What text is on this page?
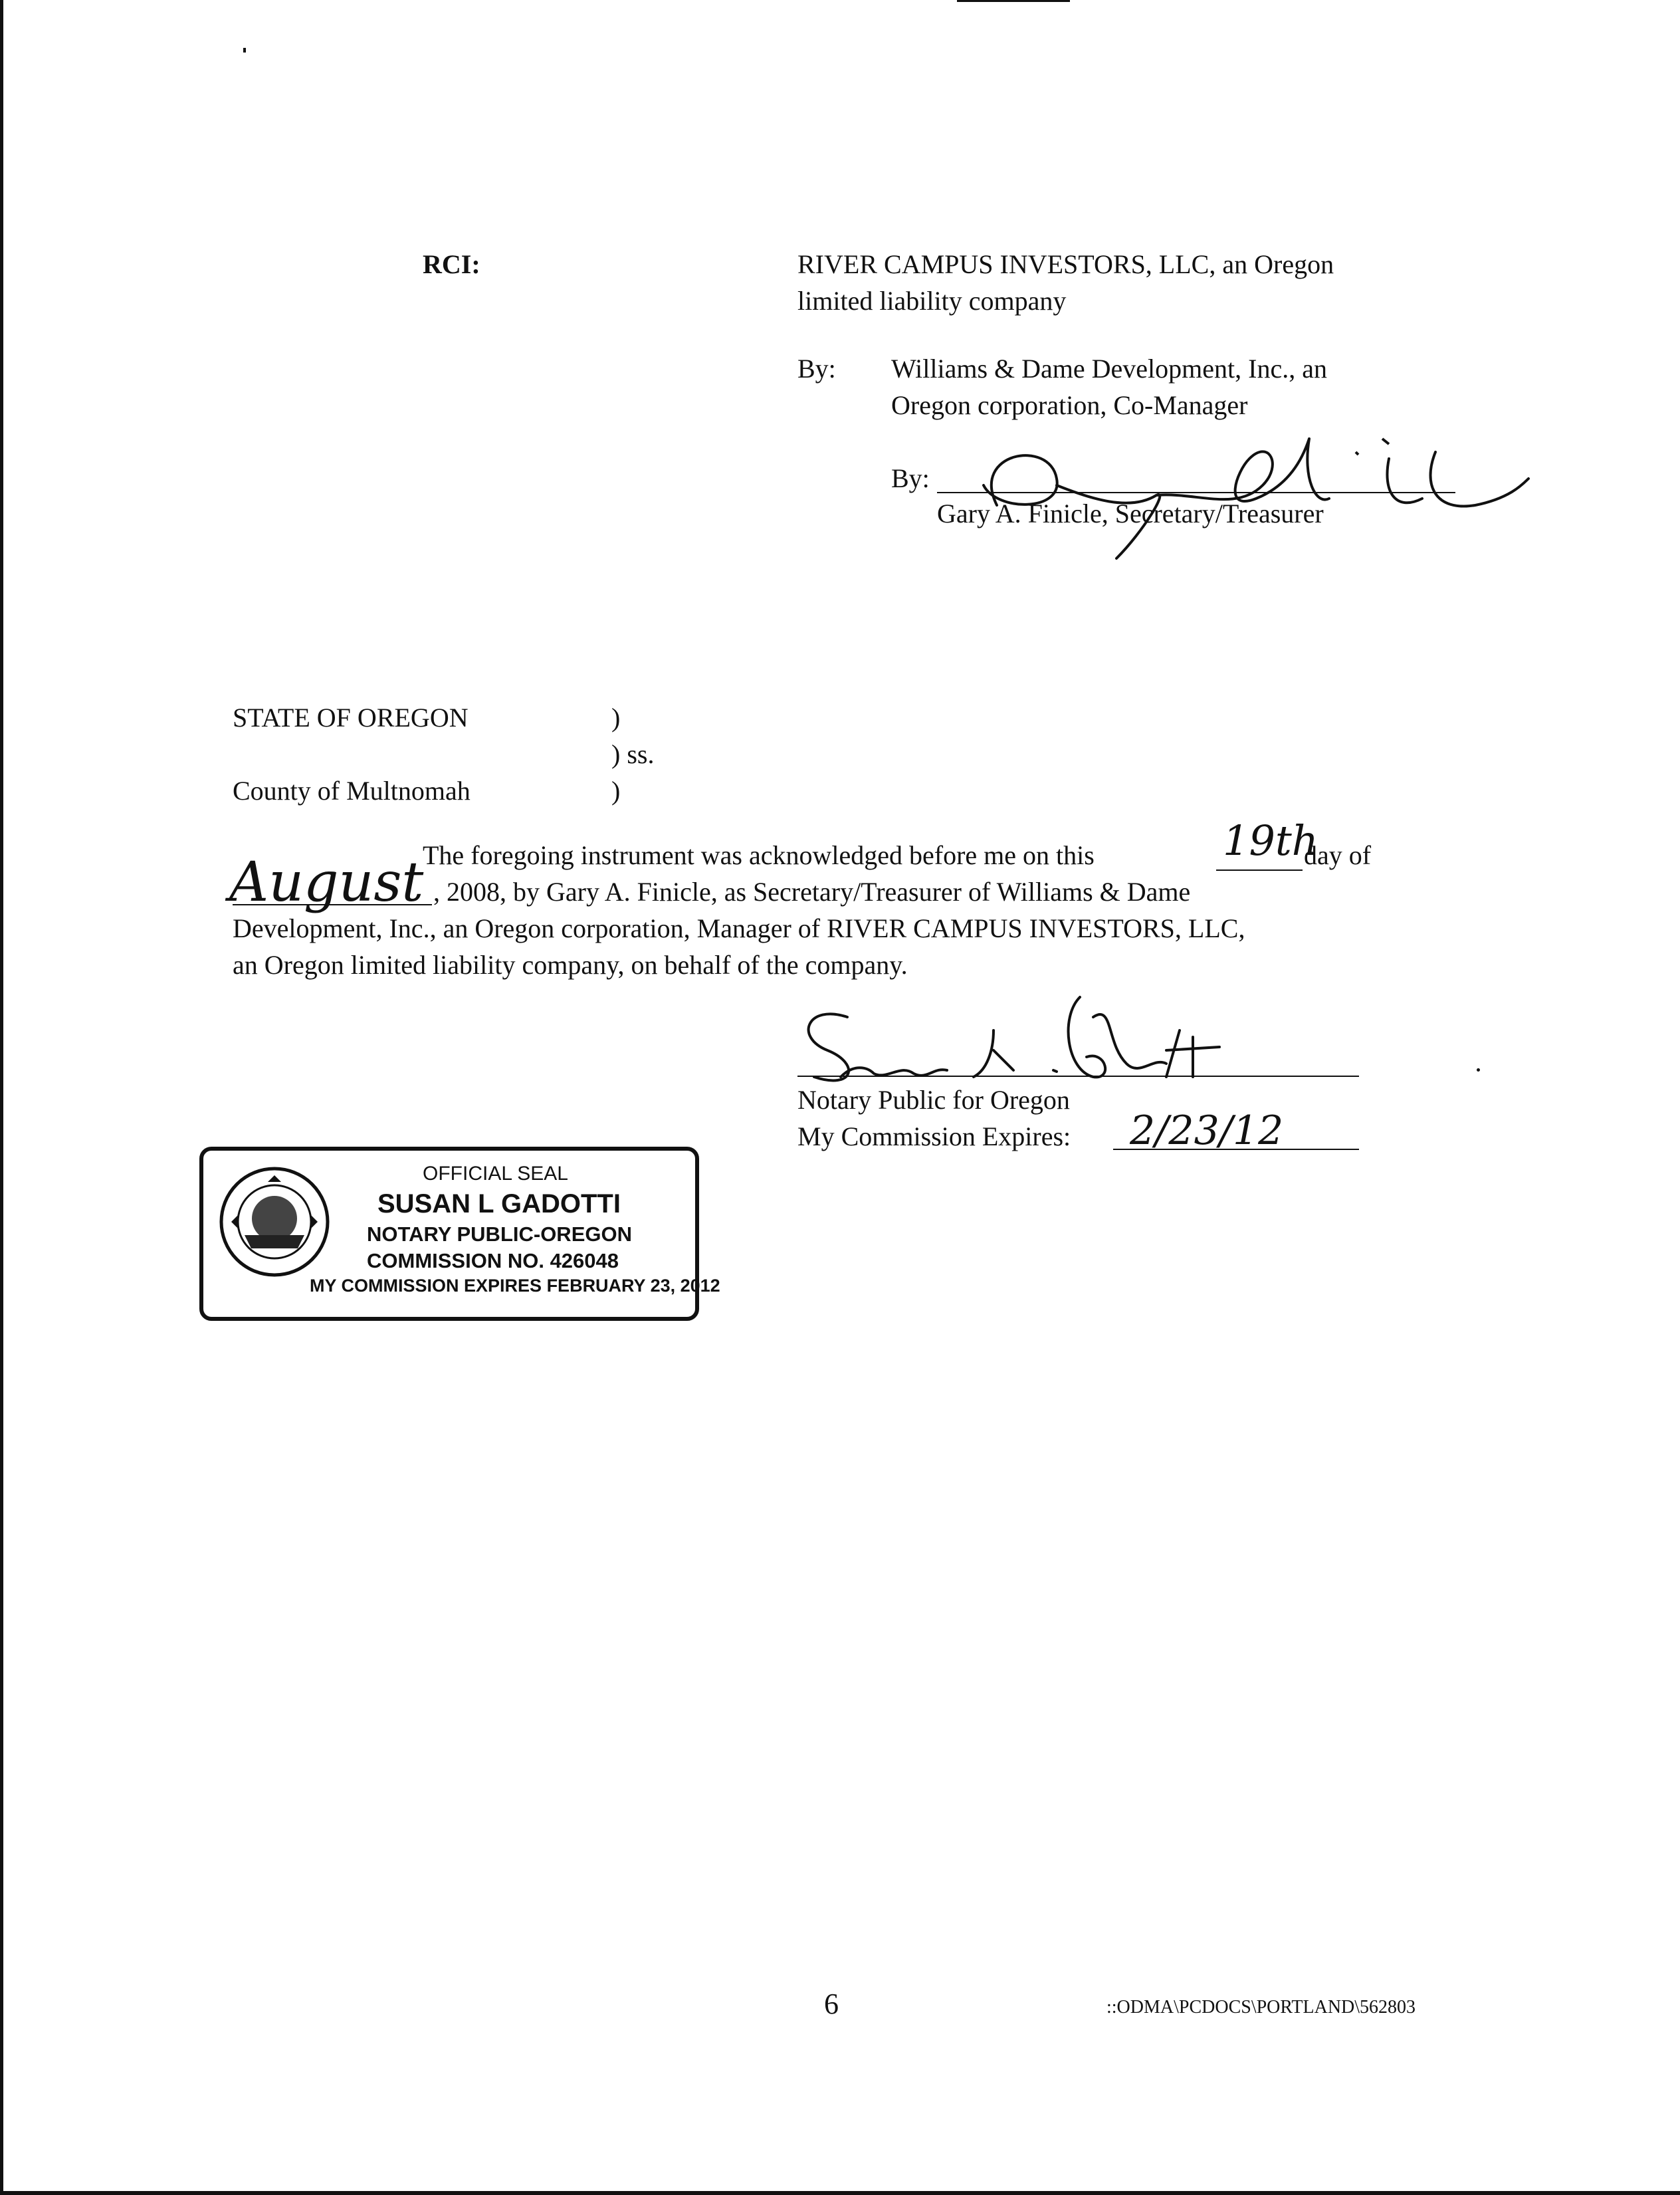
RCI:	RIVER CAMPUS INVESTORS, LLC, an Oregon
limited liability company
By: Williams & Dame Development, Inc., an
Oregon corporation, Co-Manager
By:
Gary A. Finicle, Secretary/Treasurer
STATE OF OREGON	)
) ss.
County of Multnomah	)
The foregoing instrument was acknowledged before me on this	19th
day of
August , 2008, by Gary A. Finicle, as Secretary/Treasurer of Williams & Dame
Development, Inc., an Oregon corporation, Manager of RIVER CAMPUS INVESTORS, LLC,
an Oregon limited liability company, on behalf of the company.
Notary Public for Oregon
My Commission Expires: 2/23/12
OFFICIAL SEAL
SUSAN L GADOTTI
NOTARY PUBLIC-OREGON
COMMISSION NO. 426048
MY COMMISSION EXPIRES FEBRUARY 23, 2012
6	::ODMA\PCDOCS\PORTLAND\562803
